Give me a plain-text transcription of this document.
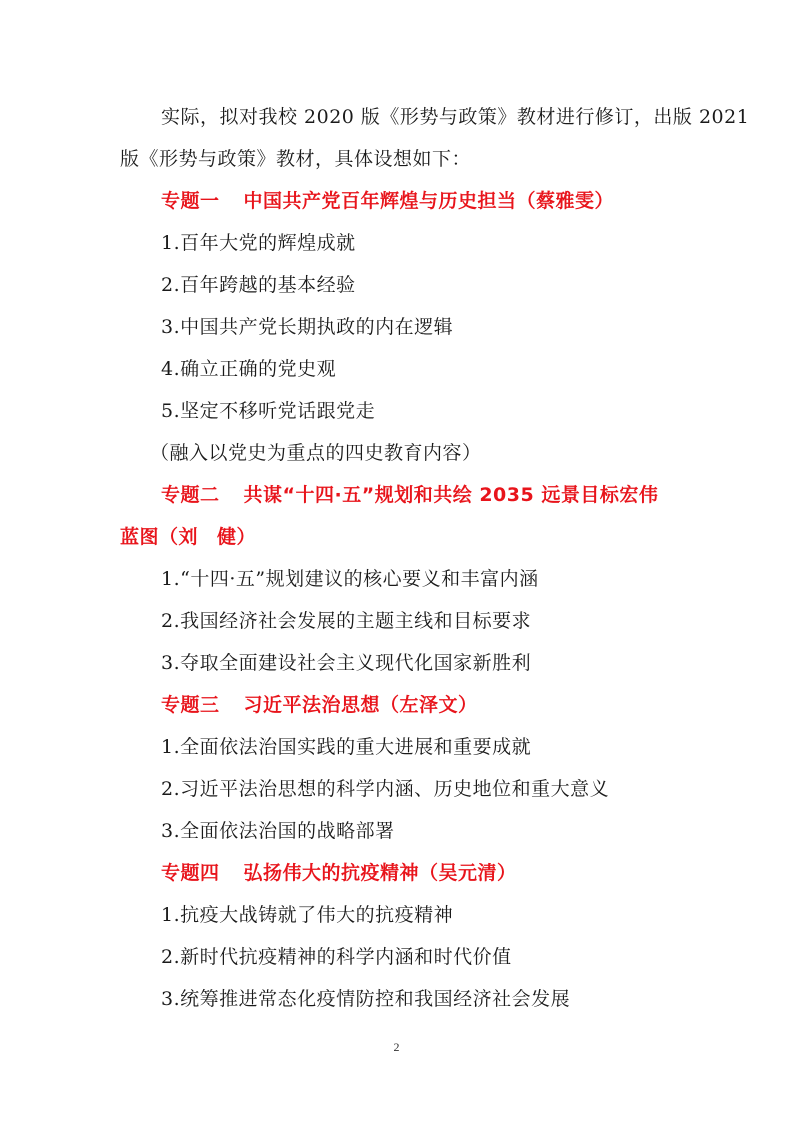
实际，拟对我校 2020 版《形势与政策》教材进行修订，出版 2021
版《形势与政策》教材，具体设想如下：
专题一 中国共产党百年辉煌与历史担当（蔡雅雯）
1.百年大党的辉煌成就
2.百年跨越的基本经验
3.中国共产党长期执政的内在逻辑
4.确立正确的党史观
5.坚定不移听党话跟党走
（融入以党史为重点的四史教育内容）
专题二 共谋“十四·五”规划和共绘 2035 远景目标宏伟
蓝图（刘 健）
1.“十四·五”规划建议的核心要义和丰富内涵
2.我国经济社会发展的主题主线和目标要求
3.夺取全面建设社会主义现代化国家新胜利
专题三 习近平法治思想（左泽文）
1.全面依法治国实践的重大进展和重要成就
2.习近平法治思想的科学内涵、历史地位和重大意义
3.全面依法治国的战略部署
专题四 弘扬伟大的抗疫精神（吴元清）
1.抗疫大战铸就了伟大的抗疫精神
2.新时代抗疫精神的科学内涵和时代价值
3.统筹推进常态化疫情防控和我国经济社会发展
2
